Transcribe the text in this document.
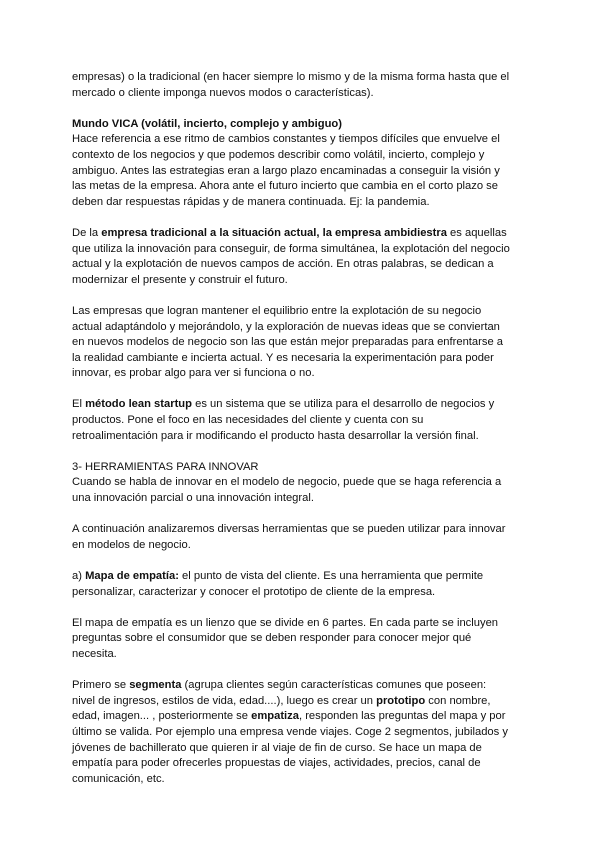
empresas) o la tradicional (en hacer siempre lo mismo y de la misma forma hasta que el mercado o cliente imponga nuevos modos o características).

Mundo VICA (volátil, incierto, complejo y ambiguo)
Hace referencia a ese ritmo de cambios constantes y tiempos difíciles que envuelve el contexto de los negocios y que podemos describir como volátil, incierto, complejo y ambiguo. Antes las estrategias eran a largo plazo encaminadas a conseguir la visión y las metas de la empresa. Ahora ante el futuro incierto que cambia en el corto plazo se deben dar respuestas rápidas y de manera continuada. Ej: la pandemia.

De la empresa tradicional a la situación actual, la empresa ambidiestra es aquellas que utiliza la innovación para conseguir, de forma simultánea, la explotación del negocio actual y la explotación de nuevos campos de acción. En otras palabras, se dedican a modernizar el presente y construir el futuro.

Las empresas que logran mantener el equilibrio entre la explotación de su negocio actual adaptándolo y mejorándolo, y la exploración de nuevas ideas que se conviertan en nuevos modelos de negocio son las que están mejor preparadas para enfrentarse a la realidad cambiante e incierta actual. Y es necesaria la experimentación para poder innovar, es probar algo para ver si funciona o no.

El método lean startup es un sistema que se utiliza para el desarrollo de negocios y productos. Pone el foco en las necesidades del cliente y cuenta con su retroalimentación para ir modificando el producto hasta desarrollar la versión final.

3- HERRAMIENTAS PARA INNOVAR
Cuando se habla de innovar en el modelo de negocio, puede que se haga referencia a una innovación parcial o una innovación integral.

A continuación analizaremos diversas herramientas que se pueden utilizar para innovar en modelos de negocio.

a) Mapa de empatía: el punto de vista del cliente. Es una herramienta que permite personalizar, caracterizar y conocer el prototipo de cliente de la empresa.

El mapa de empatía es un lienzo que se divide en 6 partes. En cada parte se incluyen preguntas sobre el consumidor que se deben responder para conocer mejor qué necesita.

Primero se segmenta (agrupa clientes según características comunes que poseen: nivel de ingresos, estilos de vida, edad....), luego es crear un prototipo con nombre, edad, imagen... , posteriormente se empatiza, responden las preguntas del mapa y por último se valida. Por ejemplo una empresa vende viajes. Coge 2 segmentos, jubilados y jóvenes de bachillerato que quieren ir al viaje de fin de curso. Se hace un mapa de empatía para poder ofrecerles propuestas de viajes, actividades, precios, canal de comunicación, etc.
